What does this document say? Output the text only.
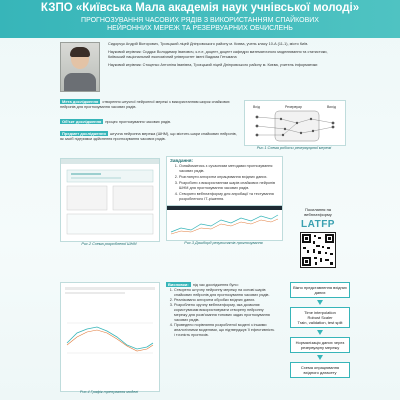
КЗПО «Київська Мала академія наук учнівської молоді»
ПРОГНОЗУВАННЯ ЧАСОВИХ РЯДІВ З ВИКОРИСТАННЯМ СПАЙКОВИХ
НЕЙРОННИХ МЕРЕЖ ТА РЕЗЕРВУАРНИХ ОБЧИСЛЕНЬ

Сидорчук Андрій Вікторович, Троєцький ліцей Дніпровського району м. Києва, учень класу 10-А (11-1), місто Київ.

Науковий керівник: Сиддьє Володимир Іванович, к.н.е, доцент, доцент кафедри математичного моделювання та статистики, Київський національний економічний університет імені Вадима Гетьмана

Науковий керівник: Стоценко Антоніна Іванівна, Троєцький ліцей Дніпровського району м. Києва, учитель інформатики

Мета дослідження створення штучної нейронної мережі з використанням широк спайкових нейронів для прогнозування часових рядів.
Об'єкт дослідження процес прогнозування часових рядів.
Предмет дослідження штучна нейронна мережа (ШНМ), що містить шари спайкових нейронів, як засіб підтримки здійснення прогнозування часових рядів.
Вхід	Резервуар	Вихід
Рис.1 Схема роботи резервуарної мережі
Рис.2 Схема розробленої ШНМ
Завдання:
1. Ознайомитись з сучасними методами прогнозування часових рядів.
2. Розглянути алгоритм опрацювання вхідних даних.
3. Розробити з використанням шарів спайкових нейронів ШНМ для прогнозування часових рядів.
4. Створити вебплатформу для апробації та тестування розробленого ІТ-рішення.
Рис.3 Дашборд результатів прогнозування
Посилання на
вебплатформу
LATFP
Рис.4 Графік тренування моделі
Висновки: під час дослідження було:
1. Створено штучну нейронну мережу на основі шарів спайкових нейронів для прогнозування часових рядів.
2. Реалізовано алгоритм обробки вхідних даних.
3. Розроблено зручну вебплатформу, яка дозволяє користувачам використовувати створену нейронну мережу для розв'язання типових задач прогнозування часових рядів.
4. Проведено порівняння розробленої моделі з іншими аналогічними моделями, що підтверджує її ефективність і точність прогнозів.
Вікно представлення вхідних даних
Time interpolation
Robust Scaler
Train, validation, test split
Нормалізація даних через резервуарну мережу
Схема опрацювання вхідного датасету
